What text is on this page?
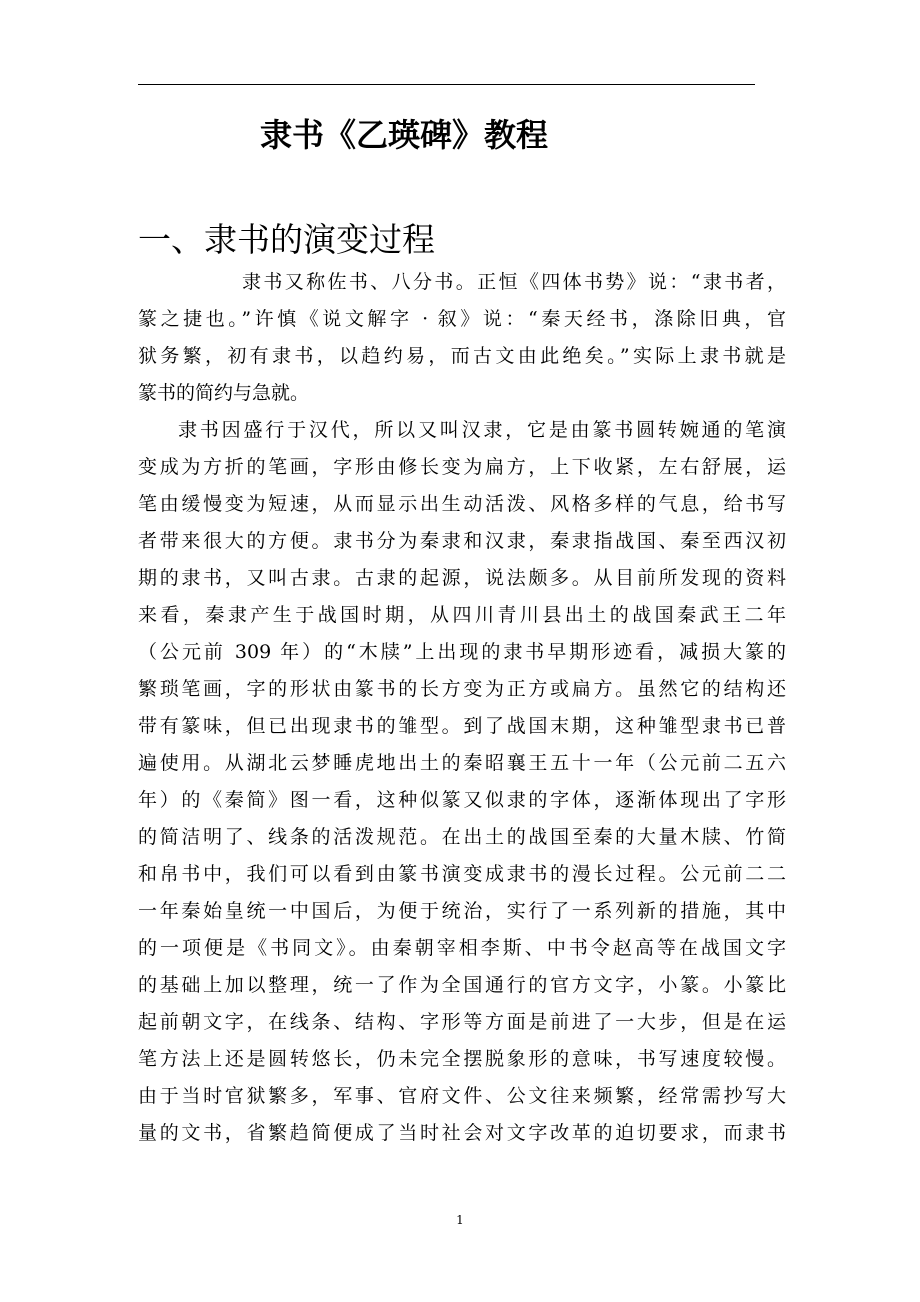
隶书《乙瑛碑》教程
一、隶书的演变过程
隶书又称佐书、八分书。正恒《四体书势》说：“隶书者，
篆之捷也。”许慎《说文解字 · 叙》说：“秦天经书，涤除旧典，官
狱务繁，初有隶书，以趋约易，而古文由此绝矣。”实际上隶书就是
篆书的简约与急就。
隶书因盛行于汉代，所以又叫汉隶，它是由篆书圆转婉通的笔演
变成为方折的笔画，字形由修长变为扁方，上下收紧，左右舒展，运
笔由缓慢变为短速，从而显示出生动活泼、风格多样的气息，给书写
者带来很大的方便。隶书分为秦隶和汉隶，秦隶指战国、秦至西汉初
期的隶书，又叫古隶。古隶的起源，说法颇多。从目前所发现的资料
来看，秦隶产生于战国时期，从四川青川县出土的战国秦武王二年
（公元前 309 年）的“木牍”上出现的隶书早期形迹看，减损大篆的
繁琐笔画，字的形状由篆书的长方变为正方或扁方。虽然它的结构还
带有篆味，但已出现隶书的雏型。到了战国末期，这种雏型隶书已普
遍使用。从湖北云梦睡虎地出土的秦昭襄王五十一年（公元前二五六
年）的《秦简》图一看，这种似篆又似隶的字体，逐渐体现出了字形
的简洁明了、线条的活泼规范。在出土的战国至秦的大量木牍、竹简
和帛书中，我们可以看到由篆书演变成隶书的漫长过程。公元前二二
一年秦始皇统一中国后，为便于统治，实行了一系列新的措施，其中
的一项便是《书同文》。由秦朝宰相李斯、中书令赵高等在战国文字
的基础上加以整理，统一了作为全国通行的官方文字，小篆。小篆比
起前朝文字，在线条、结构、字形等方面是前进了一大步，但是在运
笔方法上还是圆转悠长，仍未完全摆脱象形的意味，书写速度较慢。
由于当时官狱繁多，军事、官府文件、公文往来频繁，经常需抄写大
量的文书，省繁趋简便成了当时社会对文字改革的迫切要求，而隶书
1
